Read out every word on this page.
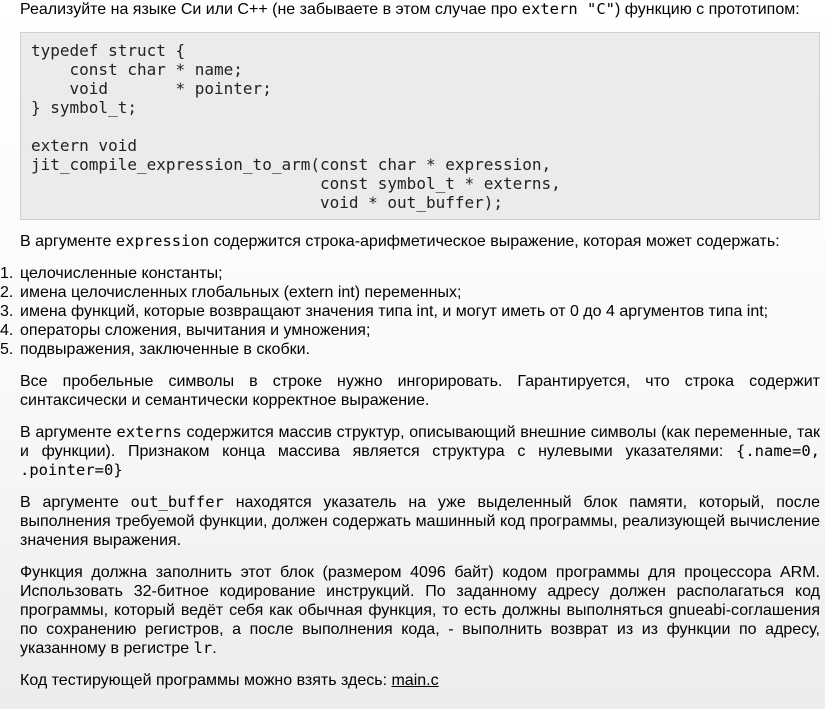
Реализуйте на языке Си или C++ (не забываете в этом случае про extern "C") функцию с прототипом:

typedef struct {
const char * name;
void       * pointer;
} symbol_t;

extern void
jit_compile_expression_to_arm(const char * expression,
const symbol_t * externs,
void * out_buffer);

В аргументе expression содержится строка-арифметическое выражение, которая может содержать:

1. целочисленные константы;
2. имена целочисленных глобальных (extern int) переменных;
3. имена функций, которые возвращают значения типа int, и могут иметь от 0 до 4 аргументов типа int;
4. операторы сложения, вычитания и умножения;
5. подвыражения, заключенные в скобки.

Все пробельные символы в строке нужно ингорировать. Гарантируется, что строка содержит синтаксически и семантически корректное выражение.

В аргументе externs содержится массив структур, описывающий внешние символы (как переменные, так и функции). Признаком конца массива является структура с нулевыми указателями: {.name=0, .pointer=0}

В аргументе out_buffer находятся указатель на уже выделенный блок памяти, который, после выполнения требуемой функции, должен содержать машинный код программы, реализующей вычисление значения выражения.

Функция должна заполнить этот блок (размером 4096 байт) кодом программы для процессора ARM. Использовать 32-битное кодирование инструкций. По заданному адресу должен располагаться код программы, который ведёт себя как обычная функция, то есть должны выполняться gnueabi-соглашения по сохранению регистров, а после выполнения кода, - выполнить возврат из из функции по адресу, указанному в регистре lr.

Код тестирующей программы можно взять здесь: main.c
